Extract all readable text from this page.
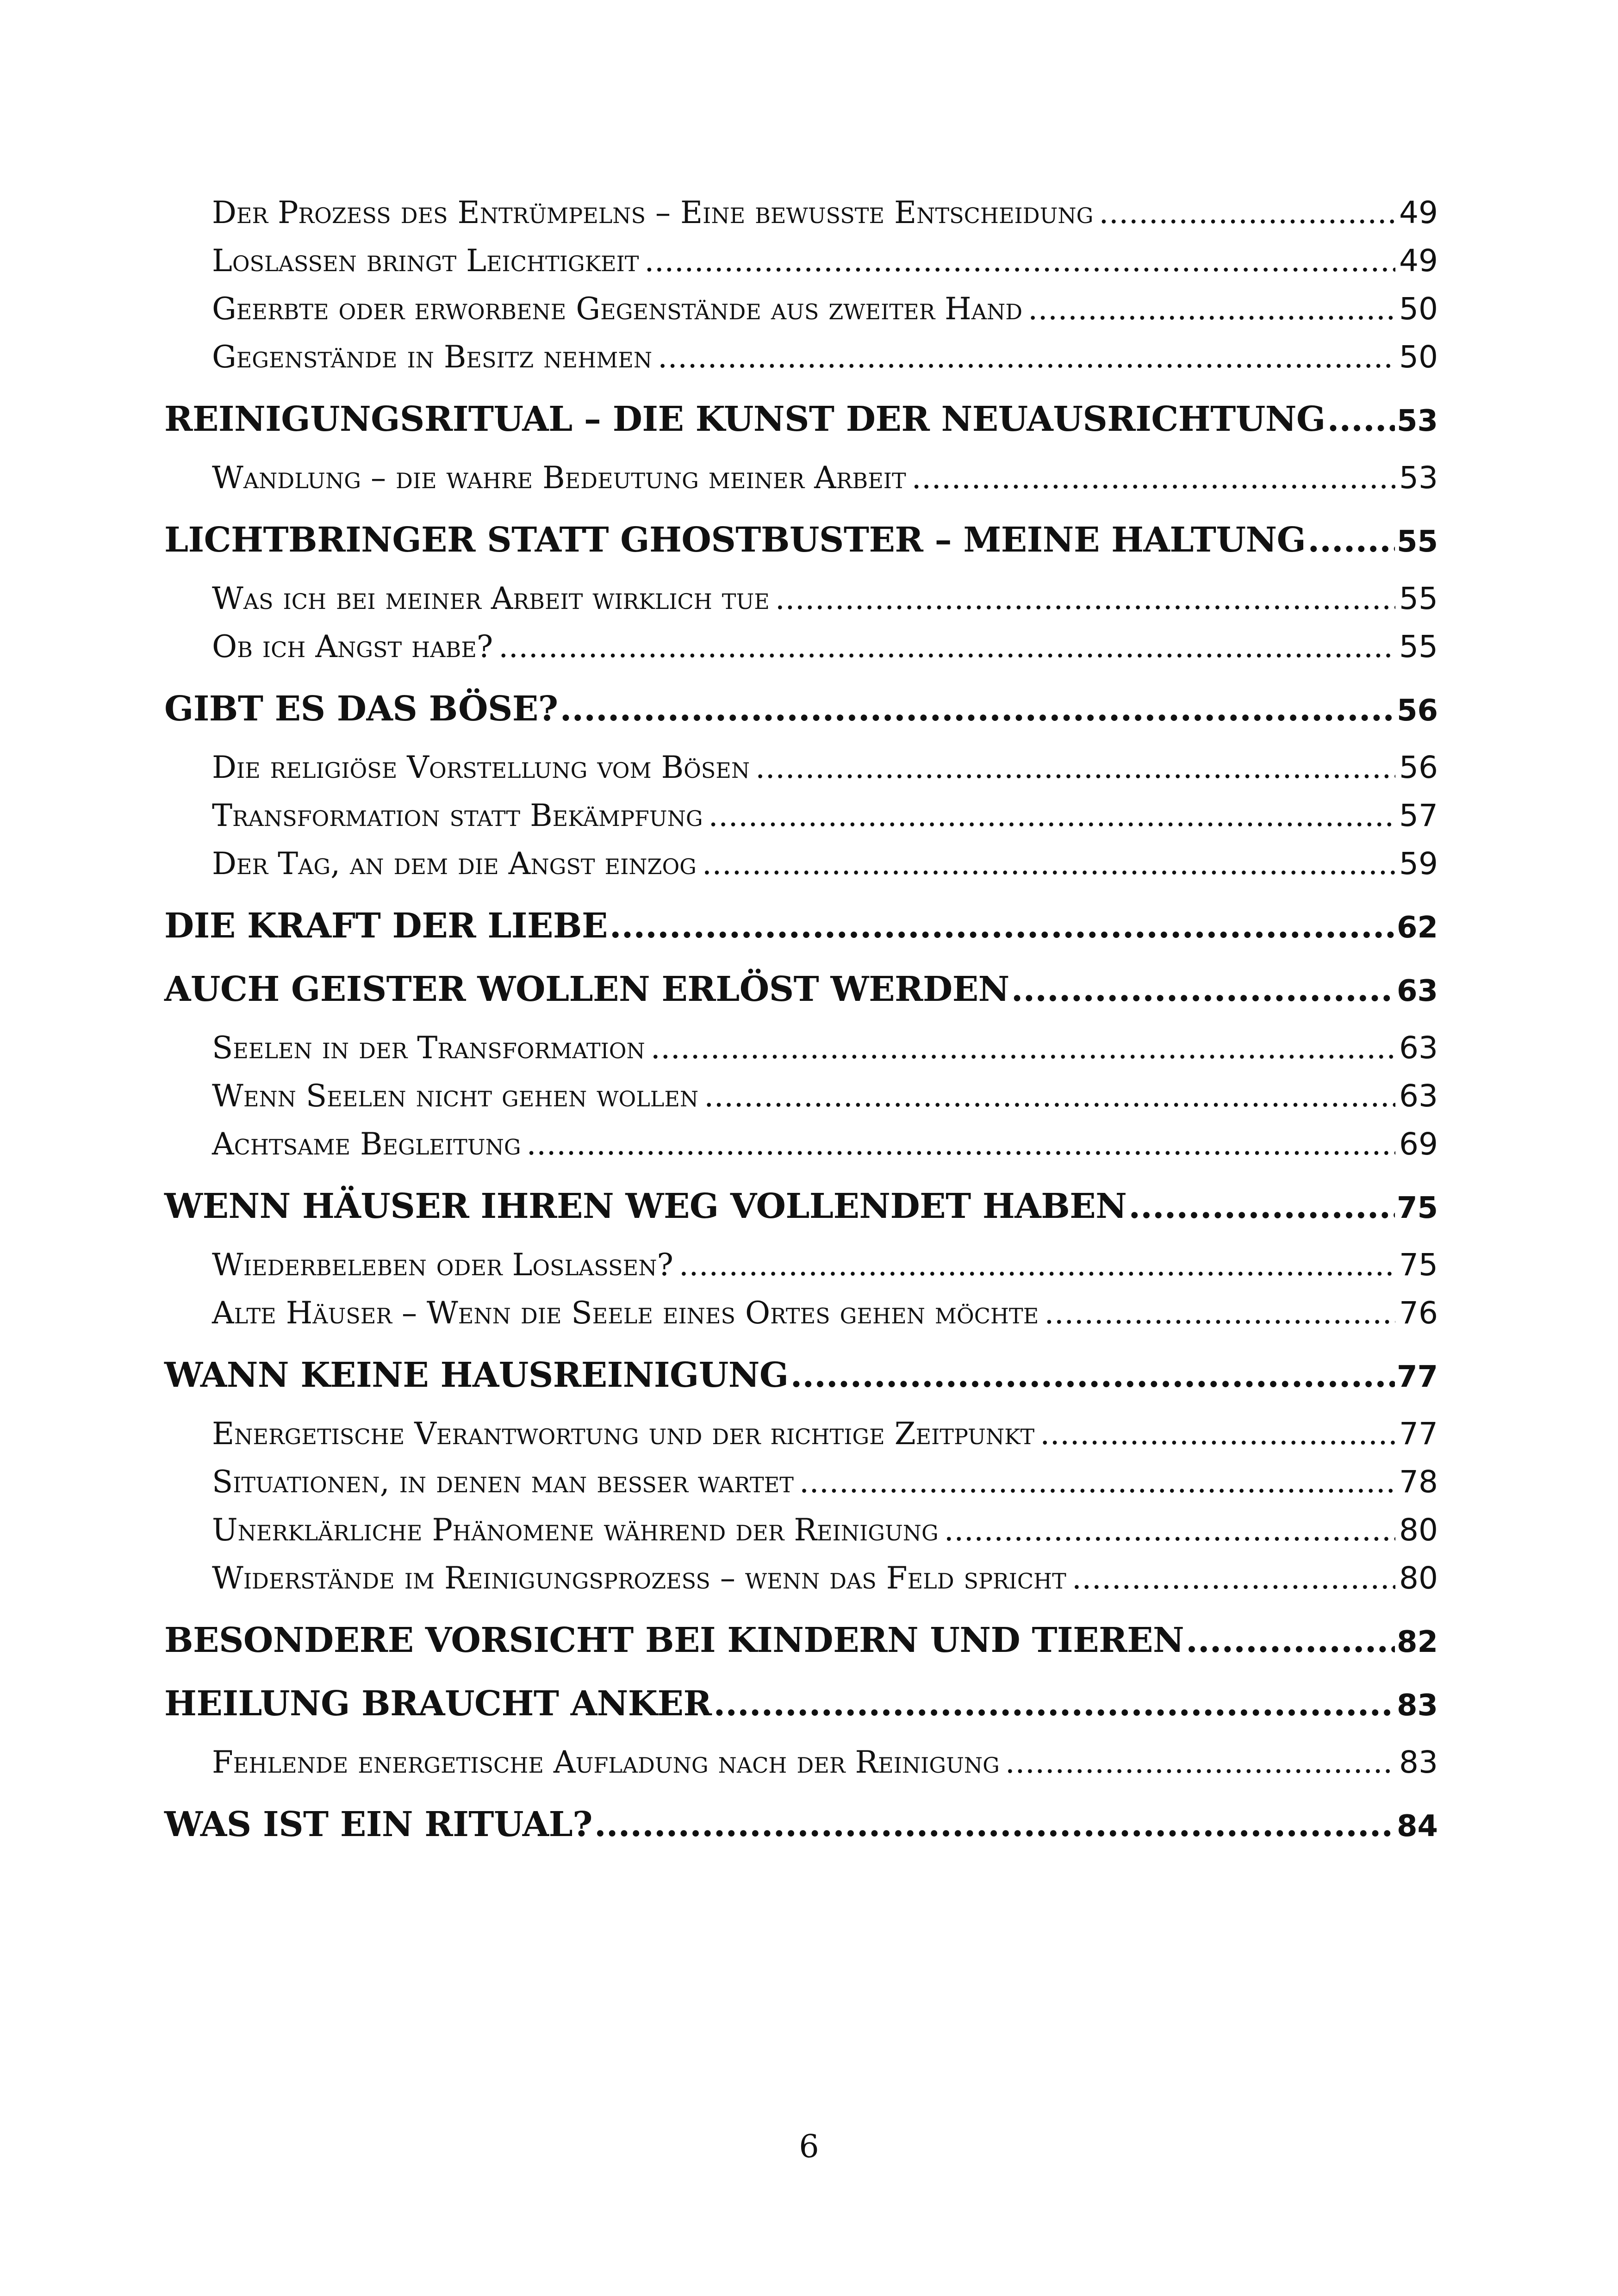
Der Prozess des Entrümpelns – Eine bewusste Entscheidung .....	49
Loslassen bringt Leichtigkeit .....	49
Geerbte oder erworbene Gegenstände aus zweiter Hand .....	50
Gegenstände in Besitz nehmen .....	50
REINIGUNGSRITUAL – DIE KUNST DER NEUAUSRICHTUNG ..... 53
Wandlung – die wahre Bedeutung meiner Arbeit .....	53
LICHTBRINGER STATT GHOSTBUSTER – MEINE HALTUNG .....	55
Was ich bei meiner Arbeit wirklich tue .....	55
Ob ich Angst habe? .....	55
GIBT ES DAS BÖSE? .....	56
Die religiöse Vorstellung vom Bösen .....	56
Transformation statt Bekämpfung .....	57
Der Tag, an dem die Angst einzog .....	59
DIE KRAFT DER LIEBE .....	62
AUCH GEISTER WOLLEN ERLÖST WERDEN .....	63
Seelen in der Transformation .....	63
Wenn Seelen nicht gehen wollen .....	63
Achtsame Begleitung .....	69
WENN HÄUSER IHREN WEG VOLLENDET HABEN .....	75
Wiederbeleben oder Loslassen? .....	75
Alte Häuser – Wenn die Seele eines Ortes gehen möchte .....	76
WANN KEINE HAUSREINIGUNG .....	77
Energetische Verantwortung und der richtige Zeitpunkt .....	77
Situationen, in denen man besser wartet .....	78
Unerklärliche Phänomene während der Reinigung .....	80
Widerstände im Reinigungsprozess – wenn das Feld spricht .....	80
BESONDERE VORSICHT BEI KINDERN UND TIEREN .....	82
HEILUNG BRAUCHT ANKER .....	83
Fehlende energetische Aufladung nach der Reinigung .....	83
WAS IST EIN RITUAL? .....	84
6
